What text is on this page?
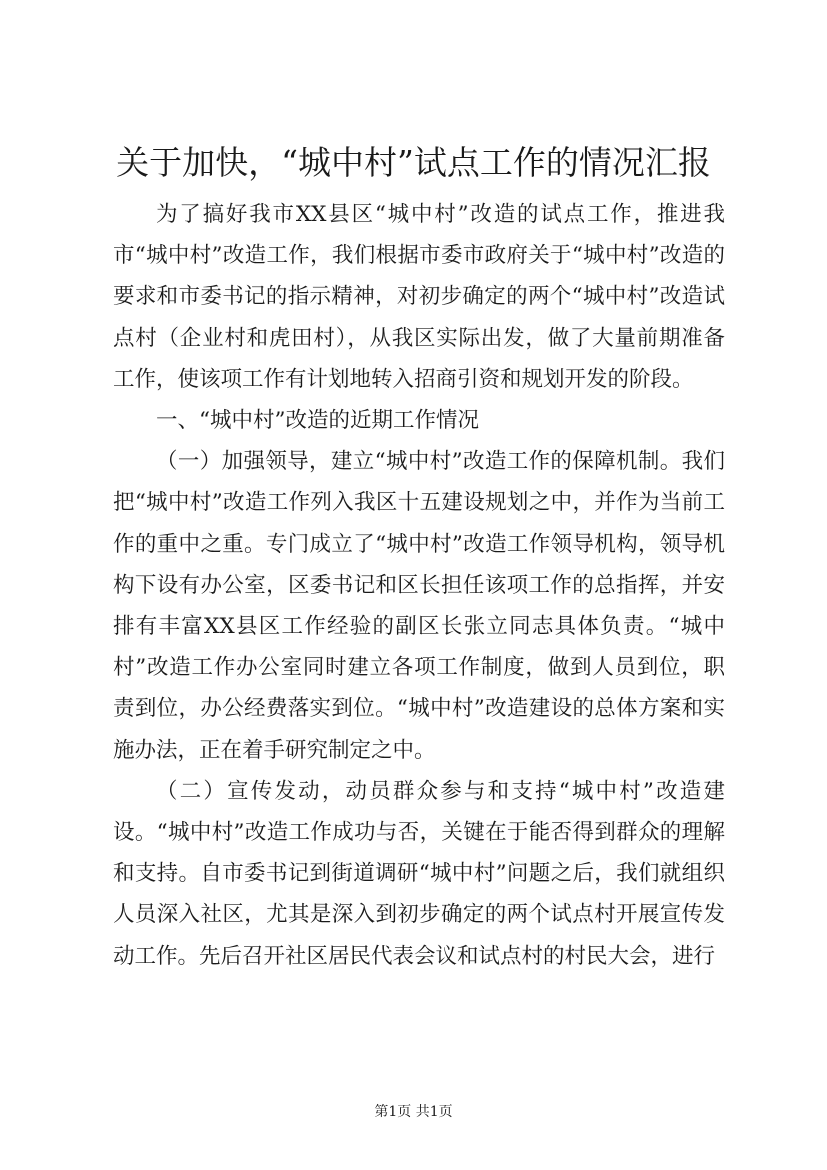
关于加快，“城中村”试点工作的情况汇报

为了搞好我市XX县区“城中村”改造的试点工作，推进我市“城中村”改造工作，我们根据市委市政府关于“城中村”改造的要求和市委书记的指示精神，对初步确定的两个“城中村”改造试点村（企业村和虎田村），从我区实际出发，做了大量前期准备工作，使该项工作有计划地转入招商引资和规划开发的阶段。

一、“城中村”改造的近期工作情况

（一）加强领导，建立“城中村”改造工作的保障机制。我们把“城中村”改造工作列入我区十五建设规划之中，并作为当前工作的重中之重。专门成立了“城中村”改造工作领导机构，领导机构下设有办公室，区委书记和区长担任该项工作的总指挥，并安排有丰富XX县区工作经验的副区长张立同志具体负责。“城中村”改造工作办公室同时建立各项工作制度，做到人员到位，职责到位，办公经费落实到位。“城中村”改造建设的总体方案和实施办法，正在着手研究制定之中。

（二）宣传发动，动员群众参与和支持“城中村”改造建设。“城中村”改造工作成功与否，关键在于能否得到群众的理解和支持。自市委书记到街道调研“城中村”问题之后，我们就组织人员深入社区，尤其是深入到初步确定的两个试点村开展宣传发动工作。先后召开社区居民代表会议和试点村的村民大会，进行

第1页 共1页
